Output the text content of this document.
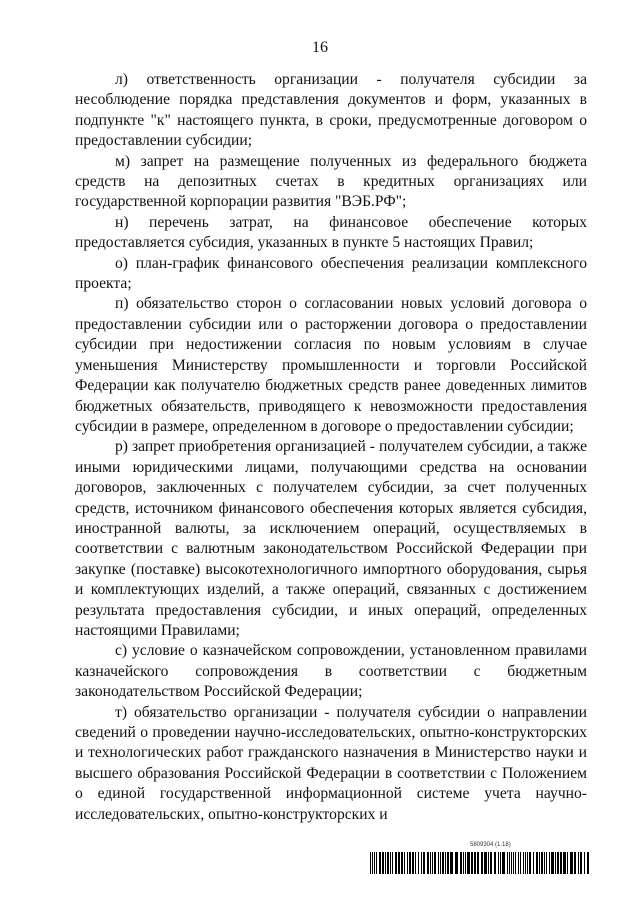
16

л) ответственность организации - получателя субсидии за несоблюдение порядка представления документов и форм, указанных в подпункте "к" настоящего пункта, в сроки, предусмотренные договором о предоставлении субсидии;

м) запрет на размещение полученных из федерального бюджета средств на депозитных счетах в кредитных организациях или государственной корпорации развития "ВЭБ.РФ";

н) перечень затрат, на финансовое обеспечение которых предоставляется субсидия, указанных в пункте 5 настоящих Правил;

о) план-график финансового обеспечения реализации комплексного проекта;

п) обязательство сторон о согласовании новых условий договора о предоставлении субсидии или о расторжении договора о предоставлении субсидии при недостижении согласия по новым условиям в случае уменьшения Министерству промышленности и торговли Российской Федерации как получателю бюджетных средств ранее доведенных лимитов бюджетных обязательств, приводящего к невозможности предоставления субсидии в размере, определенном в договоре о предоставлении субсидии;

р) запрет приобретения организацией - получателем субсидии, а также иными юридическими лицами, получающими средства на основании договоров, заключенных с получателем субсидии, за счет полученных средств, источником финансового обеспечения которых является субсидия, иностранной валюты, за исключением операций, осуществляемых в соответствии с валютным законодательством Российской Федерации при закупке (поставке) высокотехнологичного импортного оборудования, сырья и комплектующих изделий, а также операций, связанных с достижением результата предоставления субсидии, и иных операций, определенных настоящими Правилами;

с) условие о казначейском сопровождении, установленном правилами казначейского сопровождения в соответствии с бюджетным законодательством Российской Федерации;

т) обязательство организации - получателя субсидии о направлении сведений о проведении научно-исследовательских, опытно-конструкторских и технологических работ гражданского назначения в Министерство науки и высшего образования Российской Федерации в соответствии с Положением о единой государственной информационной системе учета научно-исследовательских, опытно-конструкторских и

5809304 (1.18)
